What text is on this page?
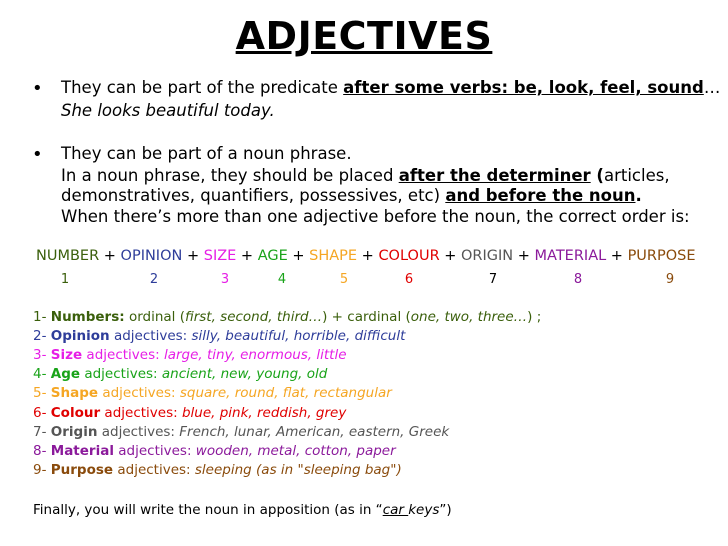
ADJECTIVES
• They can be part of the predicate after some verbs: be, look, feel, sound…
She looks beautiful today.
• They can be part of a noun phrase.
In a noun phrase, they should be placed after the determiner (articles,
demonstratives, quantifiers, possessives, etc) and before the noun.
When there’s more than one adjective before the noun, the correct order is:
NUMBER + OPINION + SIZE + AGE + SHAPE + COLOUR + ORIGIN + MATERIAL + PURPOSE
1	2	3	4	5	6	7	8	9
1- Numbers: ordinal (first, second, third…) + cardinal (one, two, three…) ;
2- Opinion adjectives: silly, beautiful, horrible, difficult
3- Size adjectives: large, tiny, enormous, little
4- Age adjectives: ancient, new, young, old
5- Shape adjectives: square, round, flat, rectangular
6- Colour adjectives: blue, pink, reddish, grey
7- Origin adjectives: French, lunar, American, eastern, Greek
8- Material adjectives: wooden, metal, cotton, paper
9- Purpose adjectives: sleeping (as in "sleeping bag")
Finally, you will write the noun in apposition (as in “car keys”)
